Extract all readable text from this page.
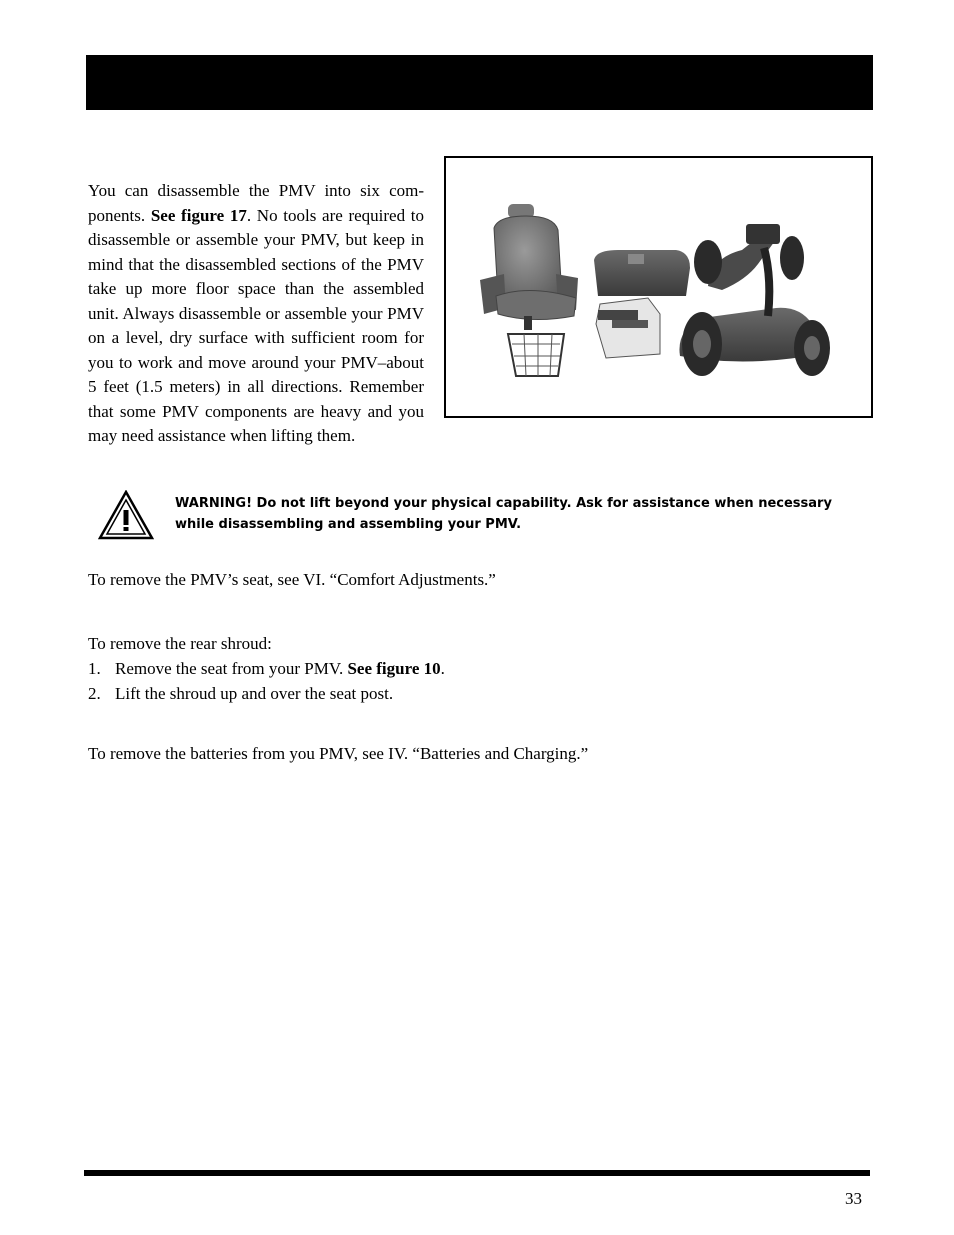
You can disassemble the PMV into six com-ponents. See figure 17. No tools are required to disassemble or assemble your PMV, but keep in mind that the disassembled sections of the PMV take up more floor space than the assembled unit. Always disassemble or assemble your PMV on a level, dry surface with sufficient room for you to work and move around your PMV–about 5 feet (1.5 meters) in all directions. Remember that some PMV components are heavy and you may need assistance when lifting them.

WARNING! Do not lift beyond your physical capability. Ask for assistance when necessary while disassembling and assembling your PMV.
To remove the PMV’s seat, see VI. “Comfort Adjustments.”
To remove the rear shroud:
1. Remove the seat from your PMV. See figure 10.
2. Lift the shroud up and over the seat post.
To remove the batteries from you PMV, see IV. “Batteries and Charging.”
33
